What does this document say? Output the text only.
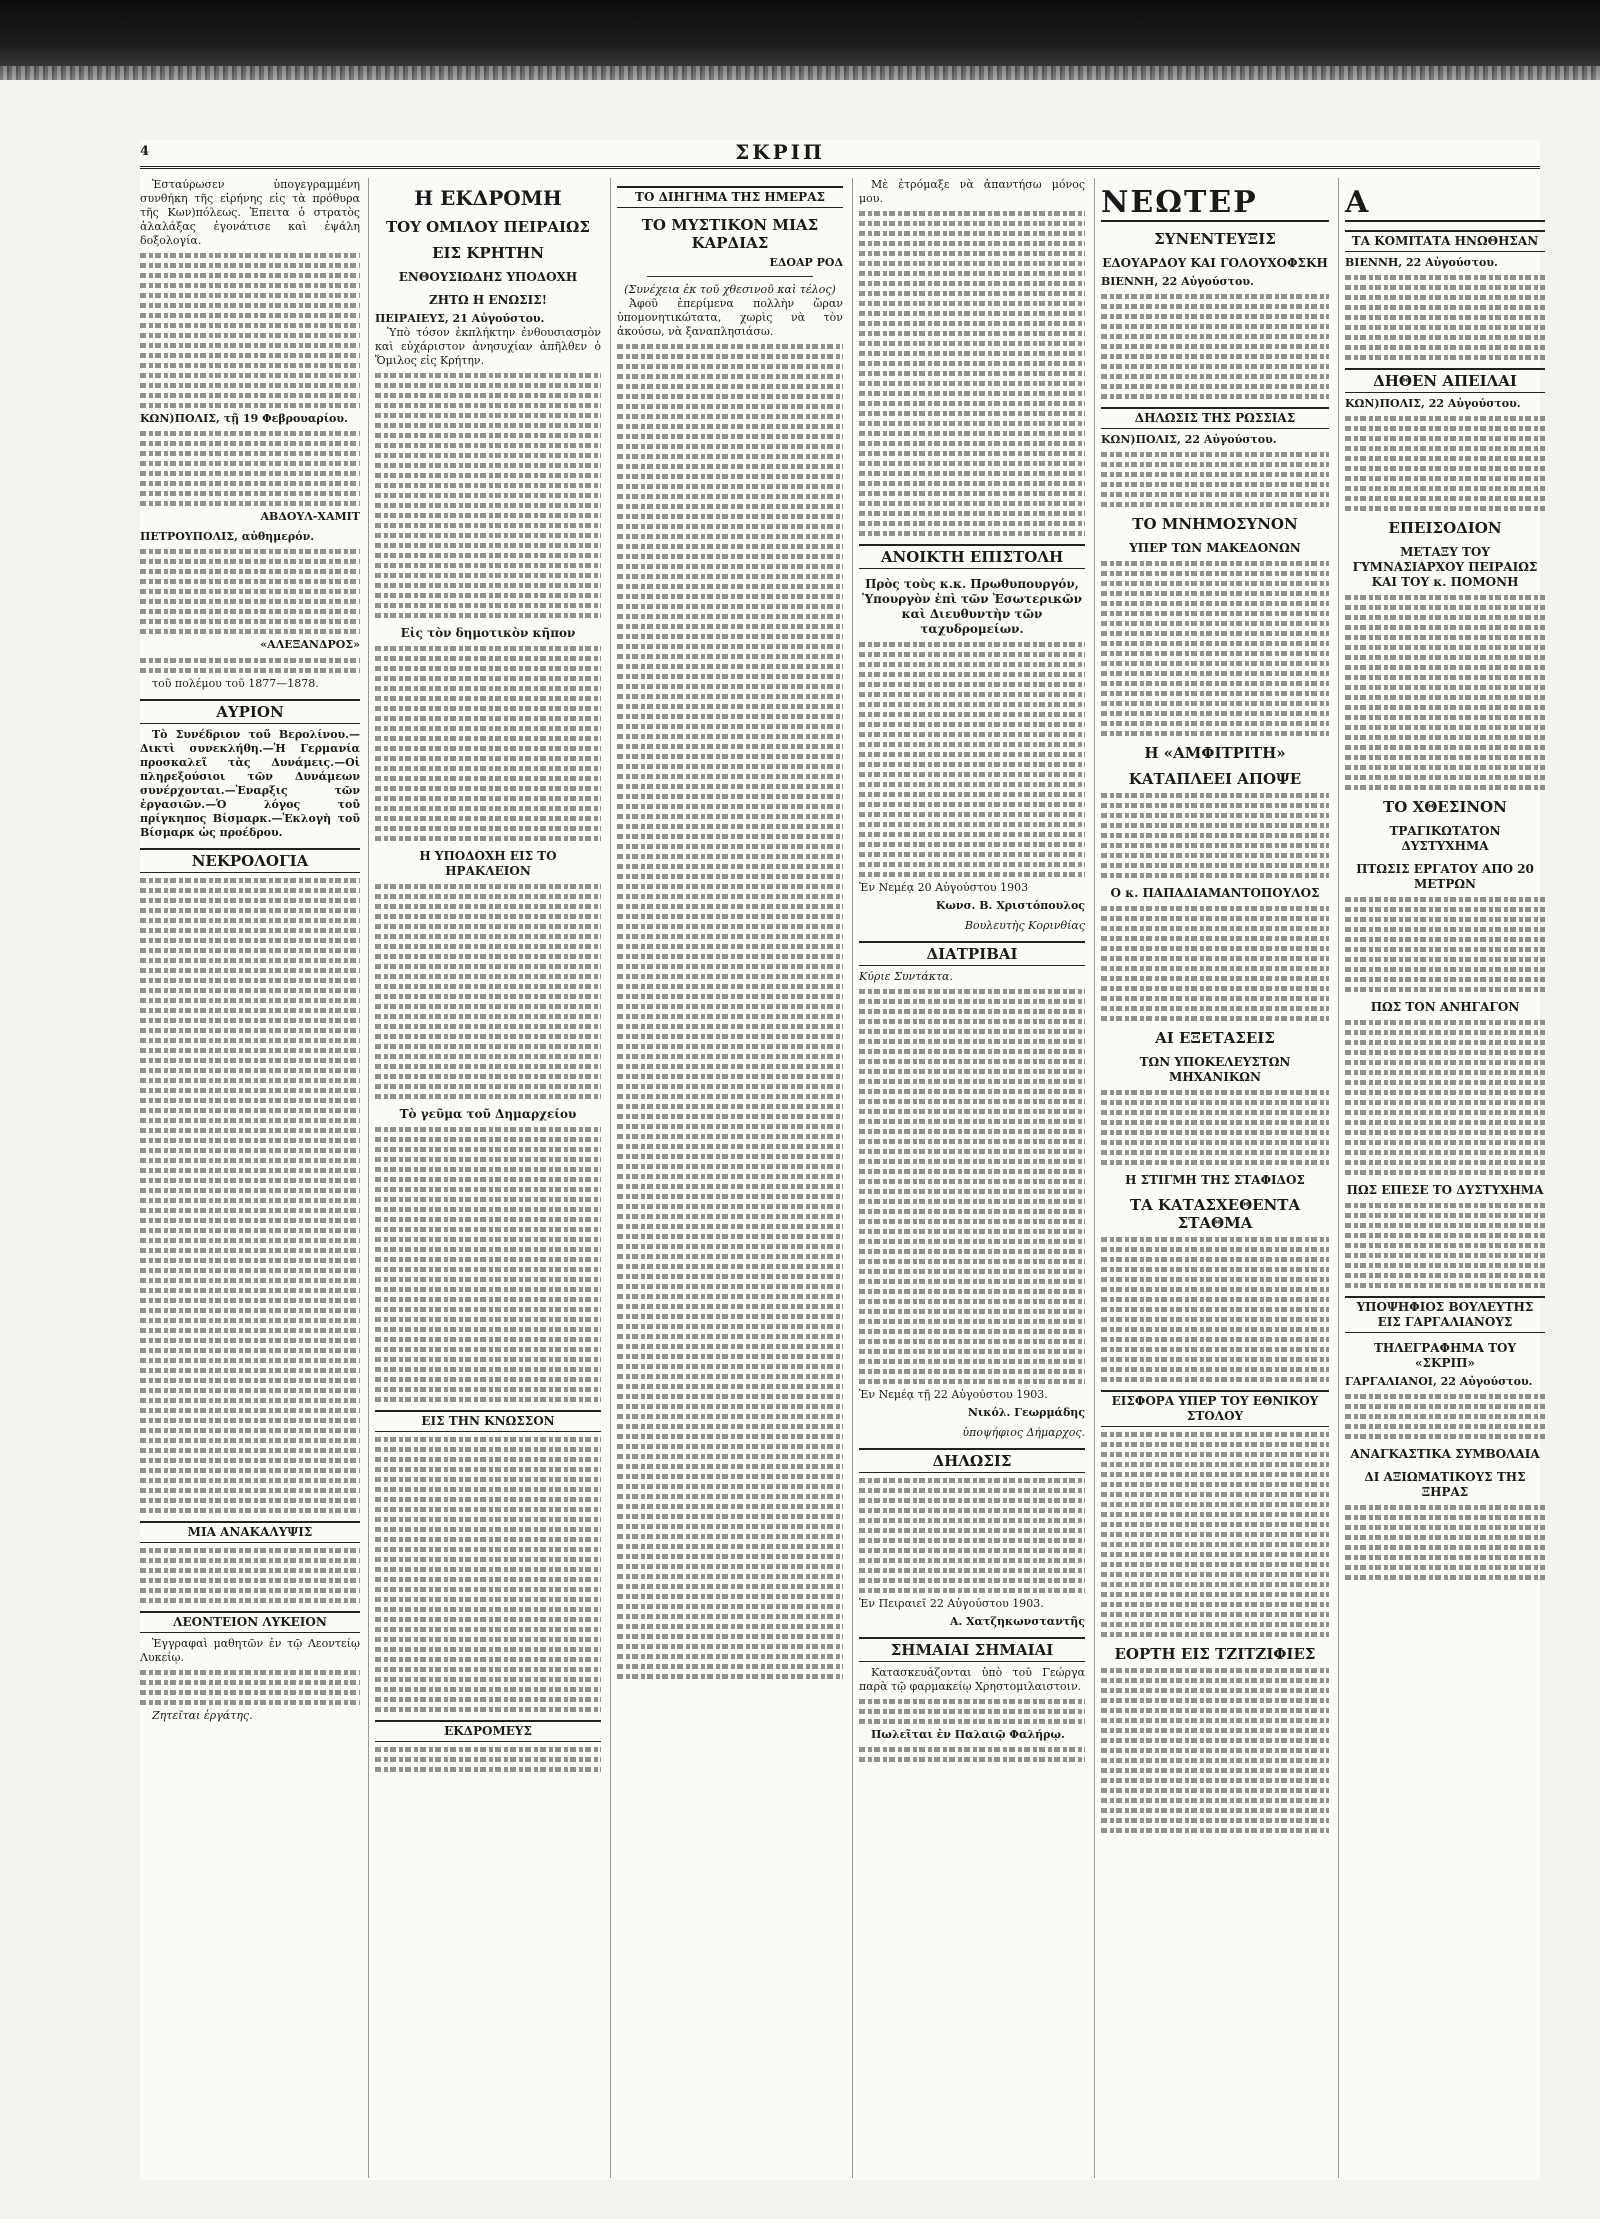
4	ΣΚΡΙΠ

Ἐσταύρωσεν ὑπογεγραμμένη συνθήκη τῆς εἰρήνης εἰς τὰ πρόθυρα τῆς Κων)πόλεως. Ἐπειτα ὁ στρατὸς ἀλαλάξας ἐγονάτισε καὶ ἐψάλη δοξολογία.

ΚΩΝ)ΠΟΛΙΣ, τῇ 19 Φεβρουαρίου.
ΑΒΔΟΥΛ-ΧΑΜΙΤ
ΠΕΤΡΟΥΠΟΛΙΣ, αὐθημερόν.
«ΑΛΕΞΑΝΔΡΟΣ»

τοῦ πολέμου τοῦ 1877—1878.

ΑΥΡΙΟΝ

Τὸ Συνέδριον τοῦ Βερολίνου.—Δικτὶ συνεκλήθη.—Ἡ Γερμανία προσκαλεῖ τὰς Δυνάμεις.—Οἱ πληρεξούσιοι τῶν Δυνάμεων συνέρχονται.—Ἐναρξις τῶν ἐργασιῶν.—Ὁ λόγος τοῦ πρίγκηπος Βίσμαρκ.—Ἐκλογὴ τοῦ Βίσμαρκ ὡς προέδρου.

ΝΕΚΡΟΛΟΓΙΑ
ΜΙΑ ΑΝΑΚΑΛΥΨΙΣ
ΛΕΟΝΤΕΙΟΝ ΛΥΚΕΙΟΝ

Ἐγγραφαὶ μαθητῶν ἐν τῷ Λεοντείῳ Λυκείῳ.

Ζητεῖται ἐργάτης.

Η ΕΚΔΡΟΜΗ
ΤΟΥ ΟΜΙΛΟΥ ΠΕΙΡΑΙΩΣ
ΕΙΣ ΚΡΗΤΗΝ
ΕΝΘΟΥΣΙΩΔΗΣ ΥΠΟΔΟΧΗ
ΖΗΤΩ Η ΕΝΩΣΙΣ!
ΠΕΙΡΑΙΕΥΣ, 21 Αὐγούστου.

Ὑπὸ τόσον ἐκπλήκτην ἐνθουσιασμὸν καὶ εὐχάριστον ἀνησυχίαν ἀπῆλθεν ὁ Ὅμιλος εἰς Κρήτην.

Εἰς τὸν δημοτικὸν κῆπον
Η ΥΠΟΔΟΧΗ ΕΙΣ ΤΟ ΗΡΑΚΛΕΙΟΝ
Τὸ γεῦμα τοῦ Δημαρχείου
ΕΙΣ ΤΗΝ ΚΝΩΣΣΟΝ
ΕΚΔΡΟΜΕΥΣ
ΤΟ ΔΙΗΓΗΜΑ ΤΗΣ ΗΜΕΡΑΣ
ΤΟ ΜΥΣΤΙΚΟΝ ΜΙΑΣ ΚΑΡΔΙΑΣ
ΕΔΟΑΡ ΡΟΔ
(Συνέχεια ἐκ τοῦ χθεσινοῦ καὶ τέλος)

Ἀφοῦ ἐπερίμενα πολλὴν ὥραν ὑπομονητικώτατα, χωρὶς νὰ τὸν ἀκούσω, νὰ ξαναπλησιάσω.

Μὲ ἐτρόμαξε νὰ ἀπαντήσω μόνος μου.

ΑΝΟΙΚΤΗ ΕΠΙΣΤΟΛΗ
Πρὸς τοὺς κ.κ. Πρωθυπουργόν, Ὑπουργὸν ἐπὶ τῶν Ἐσωτερικῶν καὶ Διευθυντὴν τῶν ταχυδρομείων.
Ἐν Νεμέᾳ 20 Αὐγούστου 1903
Κωνσ. Β. Χριστόπουλος
Βουλευτὴς Κορινθίας
ΔΙΑΤΡΙΒΑΙ
Κύριε Συντάκτα.
Ἐν Νεμέᾳ τῇ 22 Αὐγούστου 1903.
Νικόλ. Γεωρμάδης
ὑποψήφιος Δήμαρχος.
ΔΗΛΩΣΙΣ
Ἐν Πειραιεῖ 22 Αὐγούστου 1903.
Α. Χατζηκωνσταντῆς
ΣΗΜΑΙΑΙ ΣΗΜΑΙΑΙ

Κατασκευάζονται ὑπὸ τοῦ Γεώργα παρὰ τῷ φαρμακείῳ Χρηστομιλαιστοιν.

Πωλεῖται ἐν Παλαιῷ Φαλήρῳ.

ΝΕΩΤΕΡ
ΣΥΝΕΝΤΕΥΞΙΣ
ΕΔΟΥΑΡΔΟΥ ΚΑΙ ΓΟΛΟΥΧΟΦΣΚΗ
ΒΙΕΝΝΗ, 22 Αὐγούστου.
ΔΗΛΩΣΙΣ ΤΗΣ ΡΩΣΣΙΑΣ
ΚΩΝ)ΠΟΛΙΣ, 22 Αὐγούστου.
ΤΟ ΜΝΗΜΟΣΥΝΟΝ
ΥΠΕΡ ΤΩΝ ΜΑΚΕΔΟΝΩΝ
Η «ΑΜΦΙΤΡΙΤΗ»
ΚΑΤΑΠΛΕΕΙ ΑΠΟΨΕ
Ο κ. ΠΑΠΑΔΙΑΜΑΝΤΟΠΟΥΛΟΣ
ΑΙ ΕΞΕΤΑΣΕΙΣ
ΤΩΝ ΥΠΟΚΕΛΕΥΣΤΩΝ ΜΗΧΑΝΙΚΩΝ
Η ΣΤΙΓΜΗ ΤΗΣ ΣΤΑΦΙΔΟΣ
ΤΑ ΚΑΤΑΣΧΕΘΕΝΤΑ ΣΤΑΘΜΑ
ΕΙΣΦΟΡΑ ΥΠΕΡ ΤΟΥ ΕΘΝΙΚΟΥ ΣΤΟΛΟΥ
ΕΟΡΤΗ ΕΙΣ ΤΖΙΤΖΙΦΙΕΣ
Α
ΤΑ ΚΟΜΙΤΑΤΑ ΗΝΩΘΗΣΑΝ
ΒΙΕΝΝΗ, 22 Αὐγούστου.
ΔΗΘΕΝ ΑΠΕΙΛΑΙ
ΚΩΝ)ΠΟΛΙΣ, 22 Αὐγούστου.
ΕΠΕΙΣΟΔΙΟΝ
ΜΕΤΑΞΥ ΤΟΥ ΓΥΜΝΑΣΙΑΡΧΟΥ ΠΕΙΡΑΙΩΣ ΚΑΙ ΤΟΥ κ. ΠΟΜΟΝΗ
ΤΟ ΧΘΕΣΙΝΟΝ
ΤΡΑΓΙΚΩΤΑΤΟΝ ΔΥΣΤΥΧΗΜΑ
ΠΤΩΣΙΣ ΕΡΓΑΤΟΥ ΑΠΟ 20 ΜΕΤΡΩΝ
ΠΩΣ ΤΟΝ ΑΝΗΓΑΓΟΝ
ΠΩΣ ΕΠΕΣΕ ΤΟ ΔΥΣΤΥΧΗΜΑ
ΥΠΟΨΗΦΙΟΣ ΒΟΥΛΕΥΤΗΣ ΕΙΣ ΓΑΡΓΑΛΙΑΝΟΥΣ
ΤΗΛΕΓΡΑΦΗΜΑ ΤΟΥ «ΣΚΡΙΠ»
ΓΑΡΓΑΛΙΑΝΟΙ, 22 Αὐγούστου.
ΑΝΑΓΚΑΣΤΙΚΑ ΣΥΜΒΟΛΑΙΑ
ΔΙ ΑΞΙΩΜΑΤΙΚΟΥΣ ΤΗΣ ΞΗΡΑΣ
